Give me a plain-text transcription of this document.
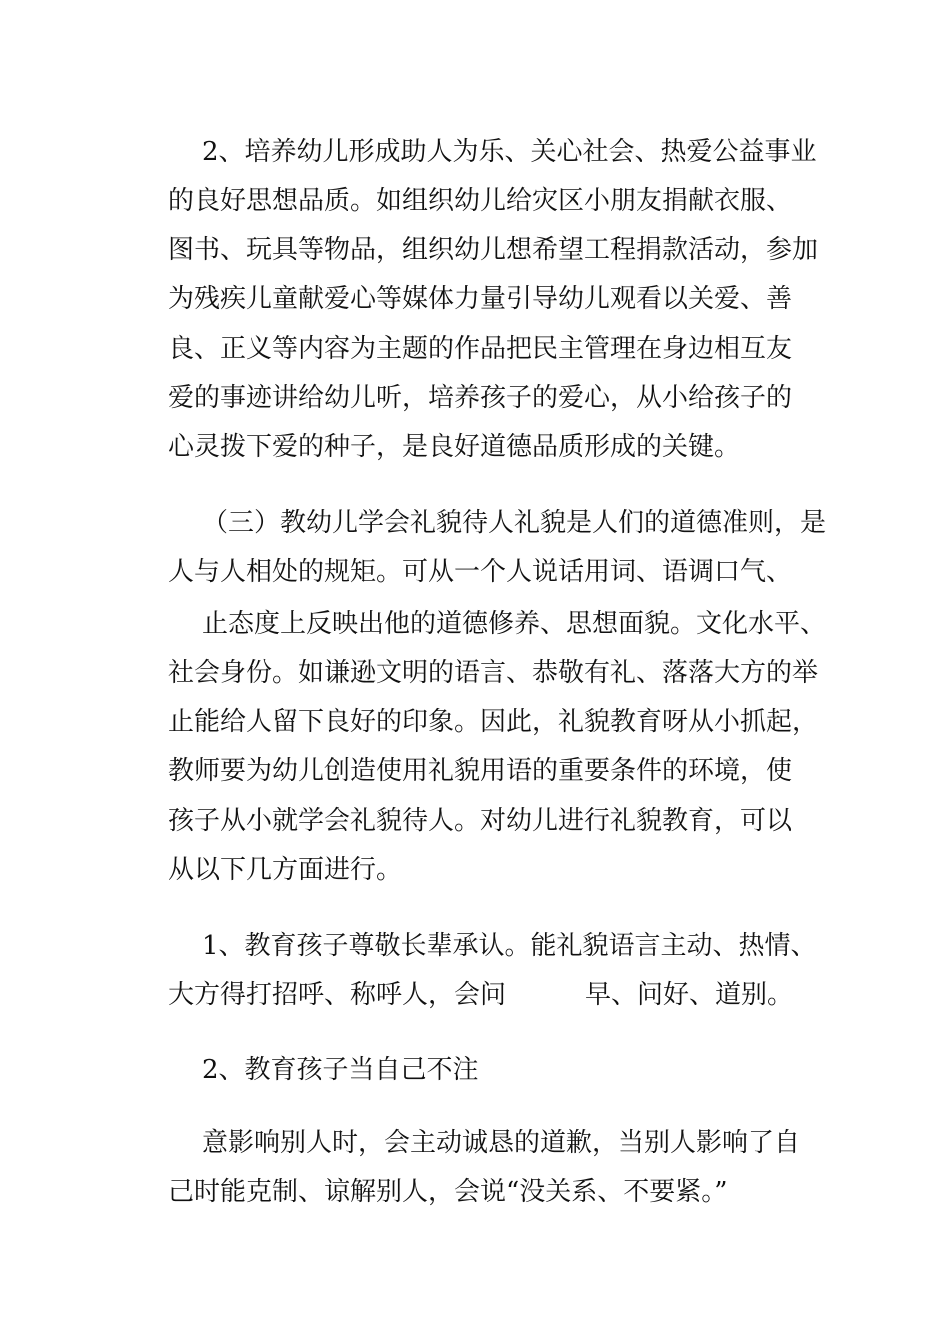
2、培养幼儿形成助人为乐、关心社会、热爱公益事业
的良好思想品质。如组织幼儿给灾区小朋友捐献衣服、
图书、玩具等物品，组织幼儿想希望工程捐款活动，参加
为残疾儿童献爱心等媒体力量引导幼儿观看以关爱、善
良、正义等内容为主题的作品把民主管理在身边相互友
爱的事迹讲给幼儿听，培养孩子的爱心，从小给孩子的
心灵拨下爱的种子，是良好道德品质形成的关键。
（三）教幼儿学会礼貌待人礼貌是人们的道德准则，是
人与人相处的规矩。可从一个人说话用词、语调口气、
止态度上反映出他的道德修养、思想面貌。文化水平、
社会身份。如谦逊文明的语言、恭敬有礼、落落大方的举
止能给人留下良好的印象。因此，礼貌教育呀从小抓起，
教师要为幼儿创造使用礼貌用语的重要条件的环境，使
孩子从小就学会礼貌待人。对幼儿进行礼貌教育，可以
从以下几方面进行。
1、教育孩子尊敬长辈承认。能礼貌语言主动、热情、
大方得打招呼、称呼人，会问	早、问好、道别。
2、教育孩子当自己不注
意影响别人时，会主动诚恳的道歉，当别人影响了自
己时能克制、谅解别人，会说“没关系、不要紧。”
